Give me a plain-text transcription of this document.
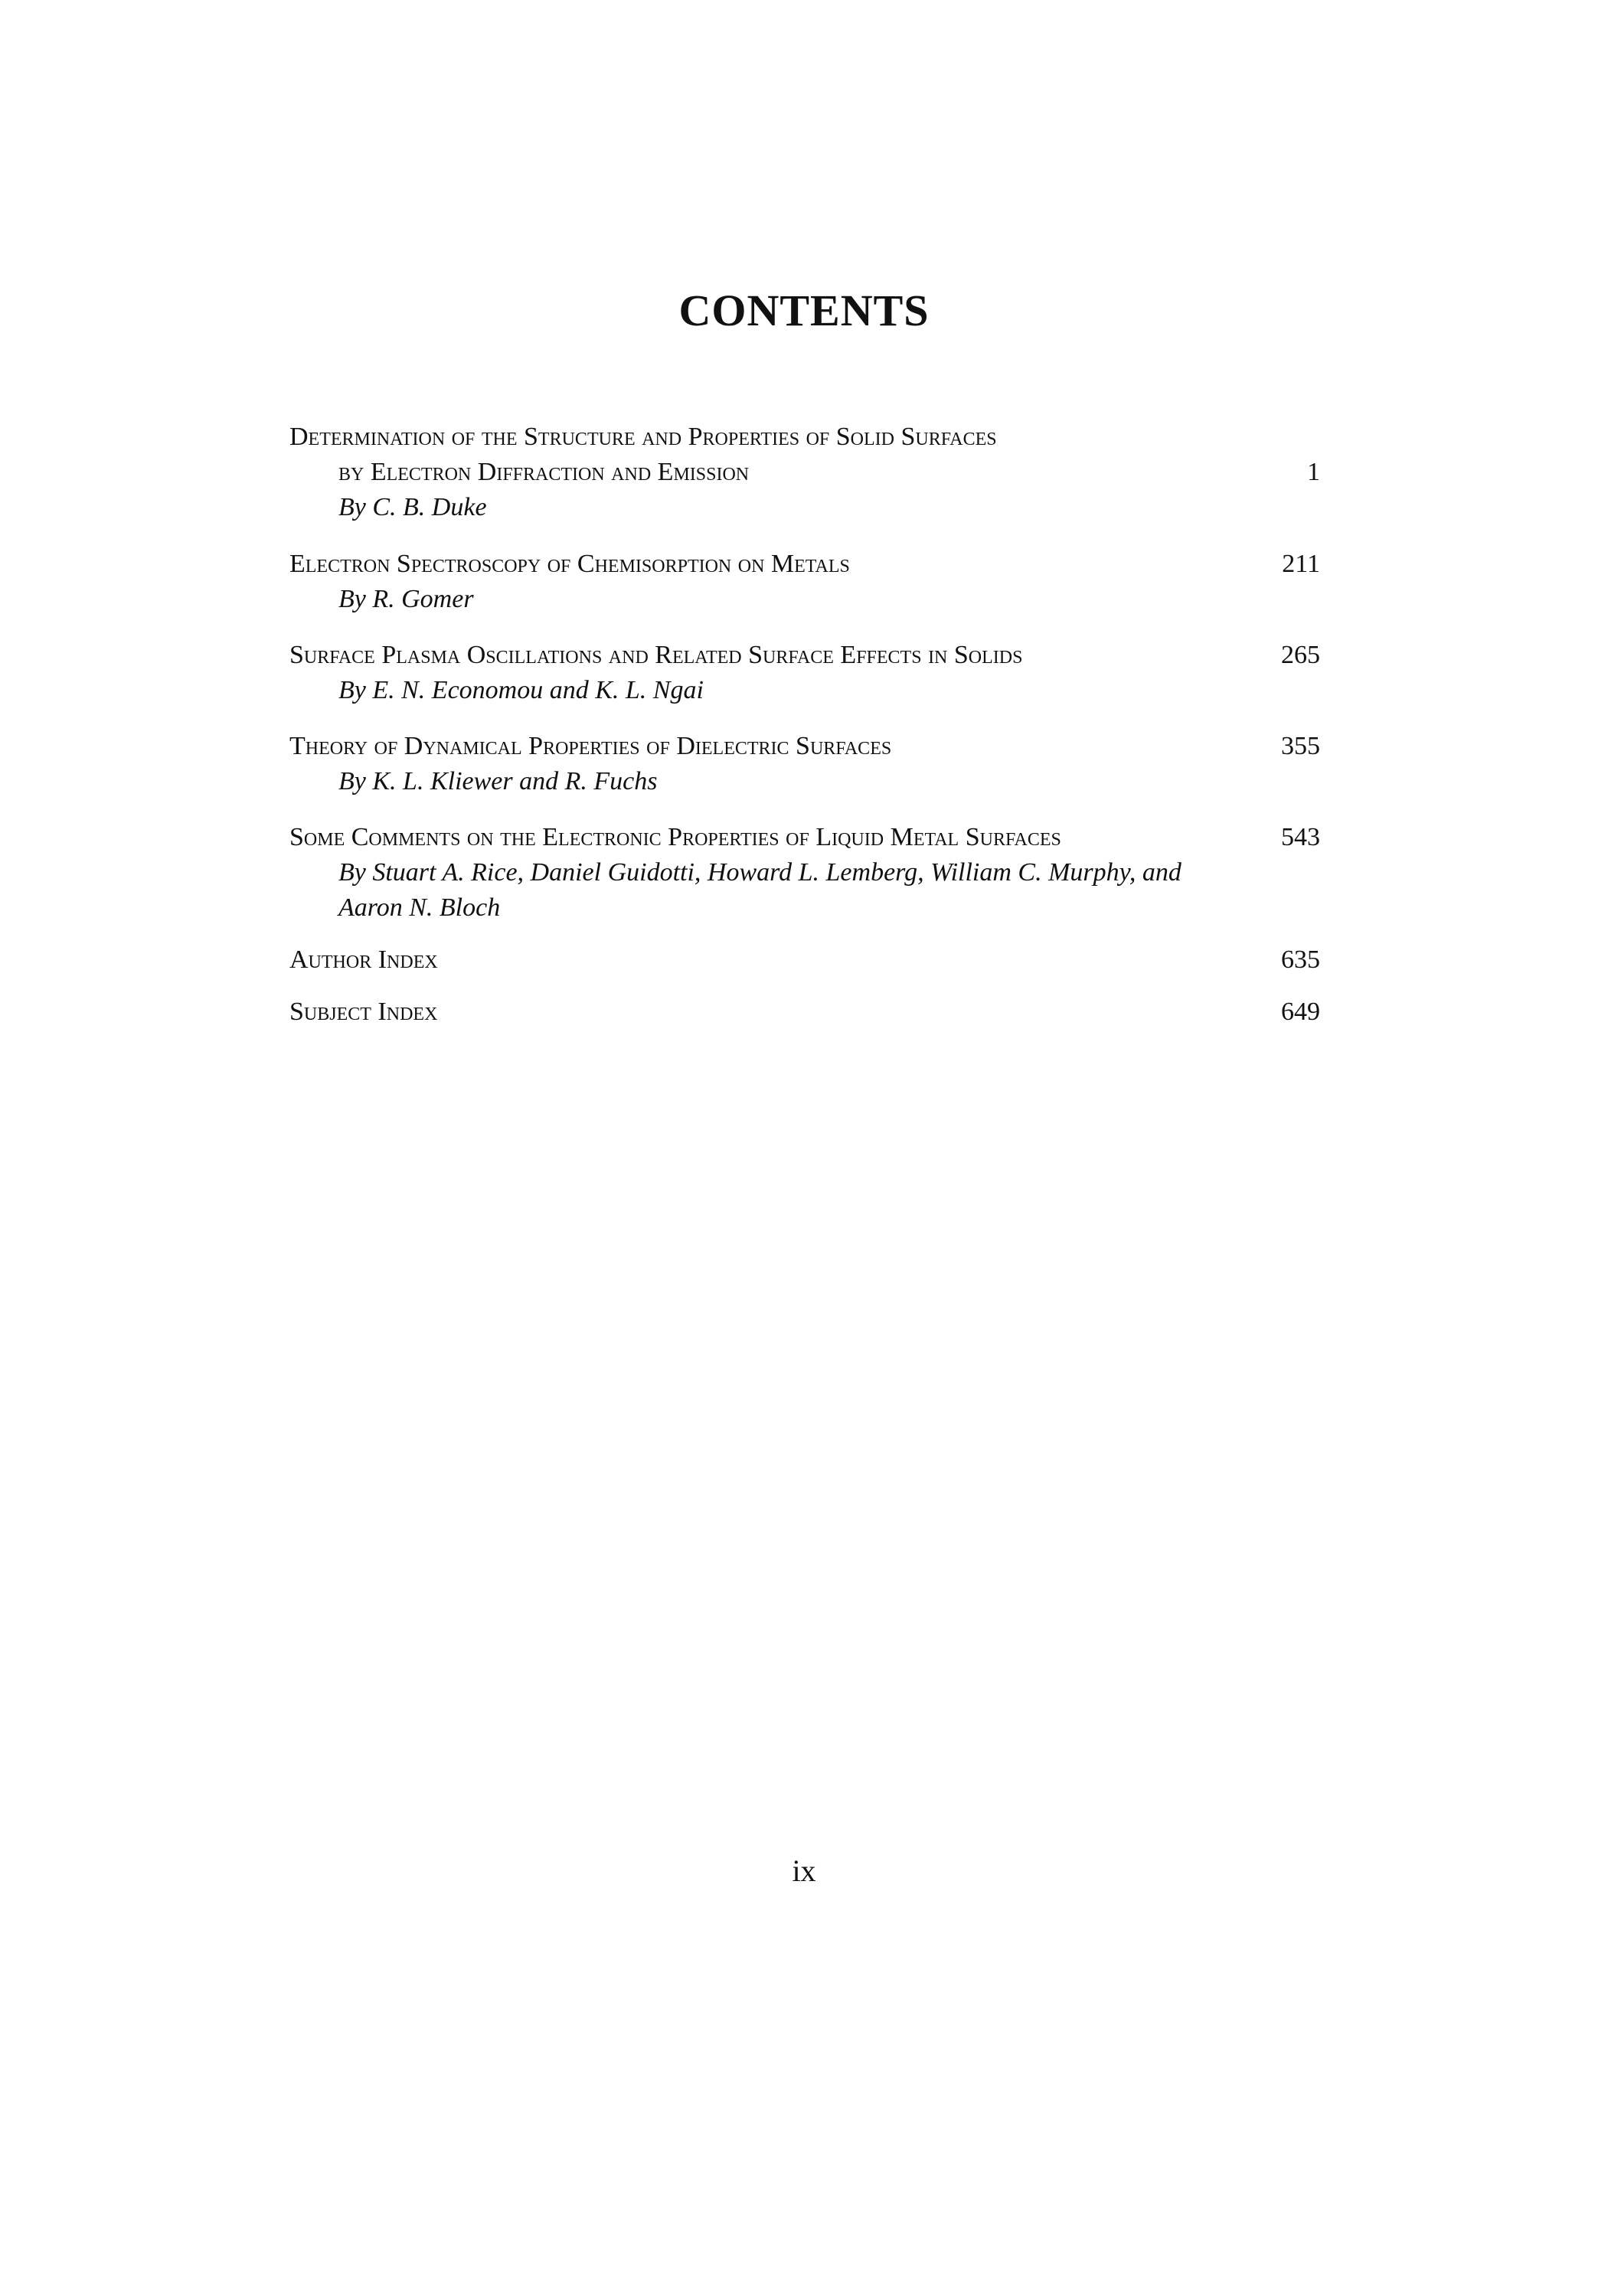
CONTENTS
Determination of the Structure and Properties of Solid Surfaces
by Electron Diffraction and Emission	1
By C. B. Duke
Electron Spectroscopy of Chemisorption on Metals	211
By R. Gomer
Surface Plasma Oscillations and Related Surface Effects in Solids	265
By E. N. Economou and K. L. Ngai
Theory of Dynamical Properties of Dielectric Surfaces	355
By K. L. Kliewer and R. Fuchs
Some Comments on the Electronic Properties of Liquid Metal Surfaces	543
By Stuart A. Rice, Daniel Guidotti, Howard L. Lemberg, William C. Murphy, and Aaron N. Bloch
Author Index	635
Subject Index	649
ix
